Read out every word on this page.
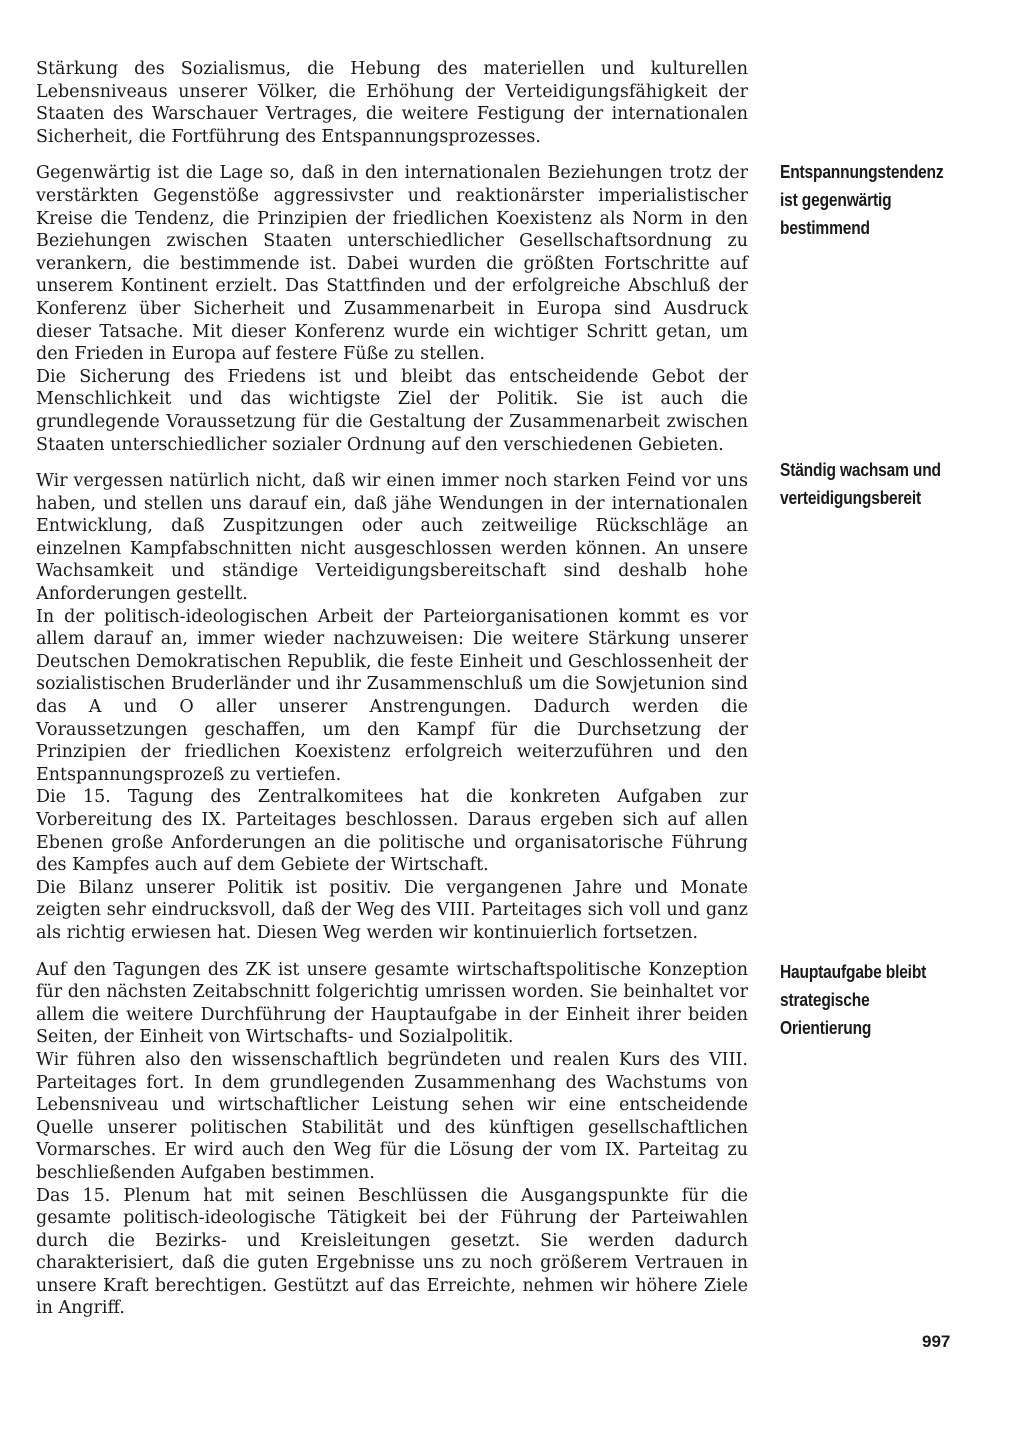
Stärkung des Sozialismus, die Hebung des materiellen und kulturellen Lebensniveaus unserer Völker, die Erhöhung der Verteidigungsfähigkeit der Staaten des Warschauer Vertrages, die weitere Festigung der internationalen Sicherheit, die Fortführung des Entspannungsprozesses.

Gegenwärtig ist die Lage so, daß in den internationalen Beziehungen trotz der verstärkten Gegenstöße aggressivster und reaktionärster imperialistischer Kreise die Tendenz, die Prinzipien der friedlichen Koexistenz als Norm in den Beziehungen zwischen Staaten unterschiedlicher Gesellschaftsordnung zu verankern, die bestimmende ist. Dabei wurden die größten Fortschritte auf unserem Kontinent erzielt. Das Stattfinden und der erfolgreiche Abschluß der Konferenz über Sicherheit und Zusammenarbeit in Europa sind Ausdruck dieser Tatsache. Mit dieser Konferenz wurde ein wichtiger Schritt getan, um den Frieden in Europa auf festere Füße zu stellen.

Die Sicherung des Friedens ist und bleibt das entscheidende Gebot der Menschlichkeit und das wichtigste Ziel der Politik. Sie ist auch die grundlegende Voraussetzung für die Gestaltung der Zusammenarbeit zwischen Staaten unterschiedlicher sozialer Ordnung auf den verschiedenen Gebieten.

Wir vergessen natürlich nicht, daß wir einen immer noch starken Feind vor uns haben, und stellen uns darauf ein, daß jähe Wendungen in der internationalen Entwicklung, daß Zuspitzungen oder auch zeitweilige Rückschläge an einzelnen Kampfabschnitten nicht ausgeschlossen werden können. An unsere Wachsamkeit und ständige Verteidigungsbereitschaft sind deshalb hohe Anforderungen gestellt.

In der politisch-ideologischen Arbeit der Parteiorganisationen kommt es vor allem darauf an, immer wieder nachzuweisen: Die weitere Stärkung unserer Deutschen Demokratischen Republik, die feste Einheit und Geschlossenheit der sozialistischen Bruderländer und ihr Zusammenschluß um die Sowjetunion sind das A und O aller unserer Anstrengungen. Dadurch werden die Voraussetzungen geschaffen, um den Kampf für die Durchsetzung der Prinzipien der friedlichen Koexistenz erfolgreich weiterzuführen und den Entspannungsprozeß zu vertiefen.

Die 15. Tagung des Zentralkomitees hat die konkreten Aufgaben zur Vorbereitung des IX. Parteitages beschlossen. Daraus ergeben sich auf allen Ebenen große Anforderungen an die politische und organisatorische Führung des Kampfes auch auf dem Gebiete der Wirtschaft.

Die Bilanz unserer Politik ist positiv. Die vergangenen Jahre und Monate zeigten sehr eindrucksvoll, daß der Weg des VIII. Parteitages sich voll und ganz als richtig erwiesen hat. Diesen Weg werden wir kontinuierlich fortsetzen.

Auf den Tagungen des ZK ist unsere gesamte wirtschaftspolitische Konzeption für den nächsten Zeitabschnitt folgerichtig umrissen worden. Sie beinhaltet vor allem die weitere Durchführung der Hauptaufgabe in der Einheit ihrer beiden Seiten, der Einheit von Wirtschafts- und Sozialpolitik.

Wir führen also den wissenschaftlich begründeten und realen Kurs des VIII. Parteitages fort. In dem grundlegenden Zusammenhang des Wachstums von Lebensniveau und wirtschaftlicher Leistung sehen wir eine entscheidende Quelle unserer politischen Stabilität und des künftigen gesellschaftlichen Vormarsches. Er wird auch den Weg für die Lösung der vom IX. Parteitag zu beschließenden Aufgaben bestimmen.

Das 15. Plenum hat mit seinen Beschlüssen die Ausgangspunkte für die gesamte politisch-ideologische Tätigkeit bei der Führung der Parteiwahlen durch die Bezirks- und Kreisleitungen gesetzt. Sie werden dadurch charakterisiert, daß die guten Ergebnisse uns zu noch größerem Vertrauen in unsere Kraft berechtigen. Gestützt auf das Erreichte, nehmen wir höhere Ziele in Angriff.

Entspannungstendenz
ist gegenwärtig
bestimmend
Ständig wachsam und
verteidigungsbereit
Hauptaufgabe bleibt
strategische
Orientierung
997
